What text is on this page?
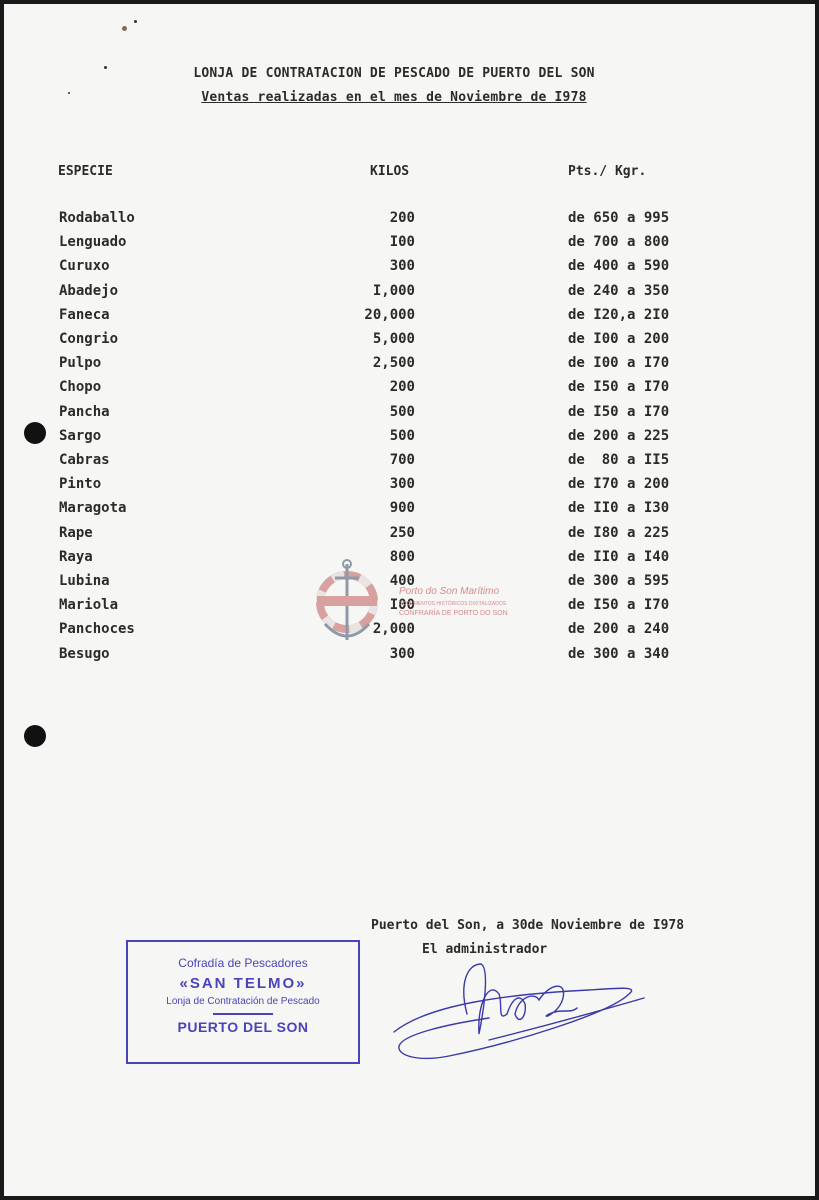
LONJA DE CONTRATACION DE PESCADO DE PUERTO DEL SON
Ventas realizadas en el mes de Noviembre de I978
ESPECIE	KILOS	Pts./ Kgr.
Rodaballo	200	de 650 a 995
Lenguado	I00	de 700 a 800
Curuxo	300	de 400 a 590
Abadejo	I,000	de 240 a 350
Faneca	20,000	de I20,a 2I0
Congrio	5,000	de I00 a 200
Pulpo	2,500	de I00 a I70
Chopo	200	de I50 a I70
Pancha	500	de I50 a I70
Sargo	500	de 200 a 225
Cabras	700	de  80 a II5
Pinto	300	de I70 a 200
Maragota	900	de II0 a I30
Rape	250	de I80 a 225
Raya	800	de II0 a I40
Lubina	400	de 300 a 595
Mariola	I00	de I50 a I70
Panchoces	2,000	de 200 a 240
Besugo	300	de 300 a 340
Porto do Son Marítimo
DOCUMENTOS HISTÓRICOS DIXITALIZADOS
CONFRARÍA DE PORTO DO SON
Puerto del Son, a 30de Noviembre de I978
El administrador
Cofradía de Pescadores
«SAN TELMO»
Lonja de Contratación de Pescado
PUERTO DEL SON
